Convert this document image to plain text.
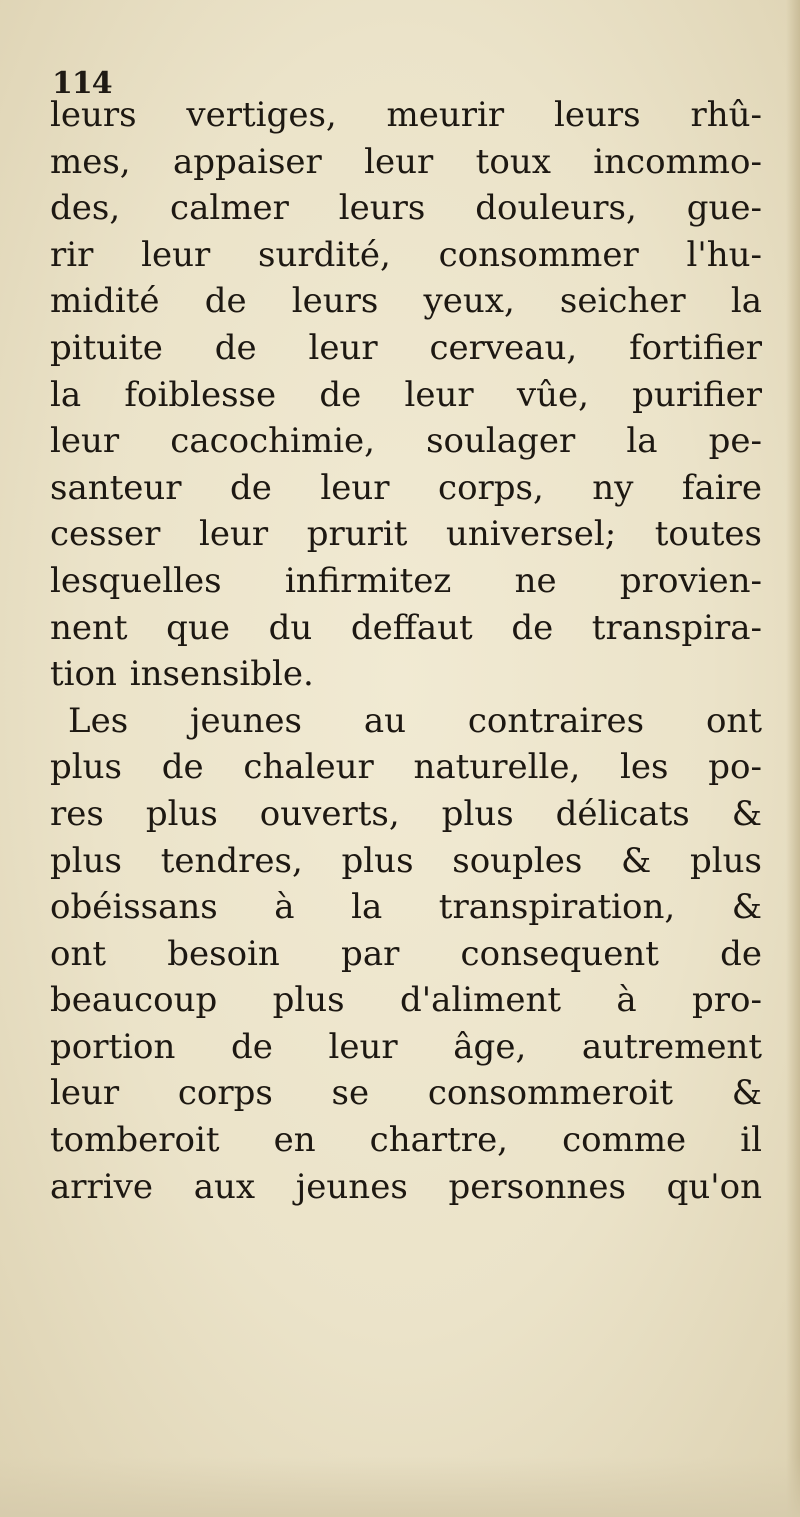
114
leurs vertiges, meurir leurs rhû-
mes, appaiser leur toux incommo-
des, calmer leurs douleurs, gue-
rir leur surdité, consommer l'hu-
midité de leurs yeux, seicher la
pituite de leur cerveau, fortifier
la foiblesse de leur vûe, purifier
leur cacochimie, soulager la pe-
santeur de leur corps, ny faire
cesser leur prurit universel; toutes
lesquelles infirmitez ne provien-
nent que du deffaut de transpira-
tion insensible.
Les jeunes au contraires ont
plus de chaleur naturelle, les po-
res plus ouverts, plus délicats &
plus tendres, plus souples & plus
obéissans à la transpiration, &
ont besoin par consequent de
beaucoup plus d'aliment à pro-
portion de leur âge, autrement
leur corps se consommeroit &
tomberoit en chartre, comme il
arrive aux jeunes personnes qu'on
